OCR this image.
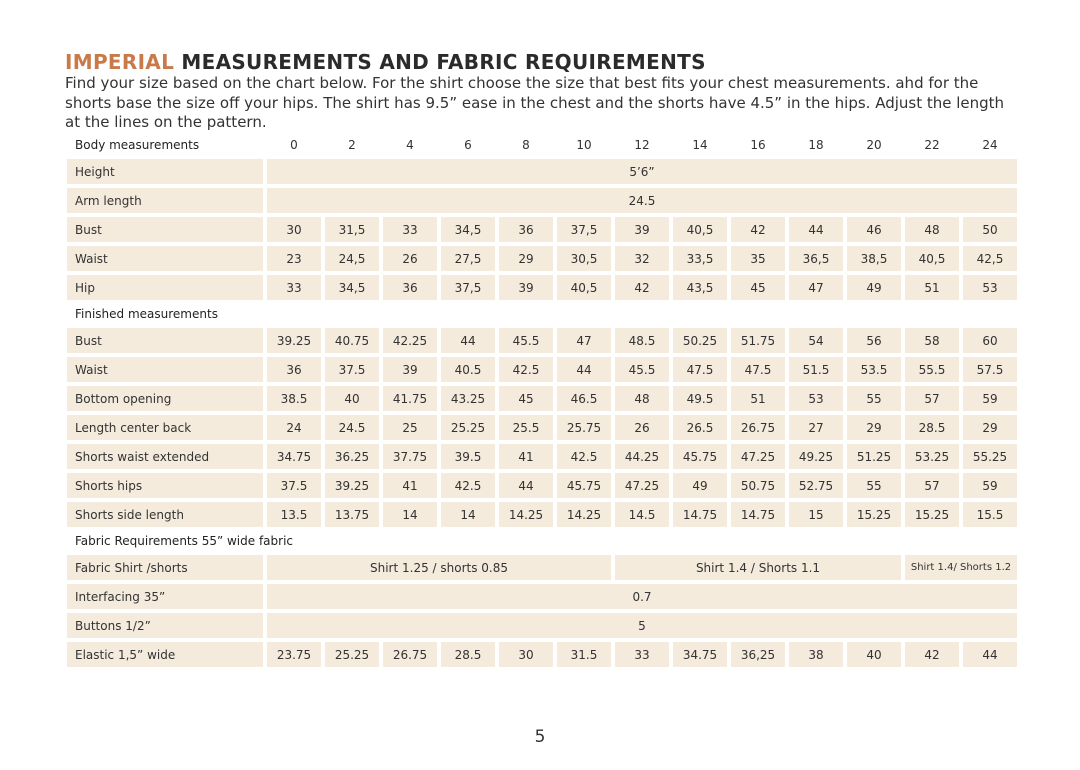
IMPERIAL MEASUREMENTS AND FABRIC REQUIREMENTS

Find your size based on the chart below. For the shirt choose the size that best fits your chest measurements. ahd for the shorts base the size off your hips. The shirt has 9.5” ease in the chest and the shorts have 4.5” in the hips. Adjust the length at the lines on the pattern.

Body measurements	0	2	4	6	8	10	12	14	16	18	20	22	24
Height	5’6”												
Arm length	24.5												
Bust	30	31,5	33	34,5	36	37,5	39	40,5	42	44	46	48	50
Waist	23	24,5	26	27,5	29	30,5	32	33,5	35	36,5	38,5	40,5	42,5
Hip	33	34,5	36	37,5	39	40,5	42	43,5	45	47	49	51	53
Finished measurements													
Bust	39.25	40.75	42.25	44	45.5	47	48.5	50.25	51.75	54	56	58	60
Waist	36	37.5	39	40.5	42.5	44	45.5	47.5	47.5	51.5	53.5	55.5	57.5
Bottom opening	38.5	40	41.75	43.25	45	46.5	48	49.5	51	53	55	57	59
Length center back	24	24.5	25	25.25	25.5	25.75	26	26.5	26.75	27	29	28.5	29
Shorts waist extended	34.75	36.25	37.75	39.5	41	42.5	44.25	45.75	47.25	49.25	51.25	53.25	55.25
Shorts hips	37.5	39.25	41	42.5	44	45.75	47.25	49	50.75	52.75	55	57	59
Shorts side length	13.5	13.75	14	14	14.25	14.25	14.5	14.75	14.75	15	15.25	15.25	15.5
Fabric Requirements 55” wide fabric													
Fabric Shirt /shorts	Shirt 1.25 / shorts 0.85						Shirt 1.4 / Shorts 1.1					Shirt 1.4/ Shorts 1.2	
Interfacing 35”	0.7												
Buttons 1/2”	5												
Elastic 1,5” wide	23.75	25.25	26.75	28.5	30	31.5	33	34.75	36,25	38	40	42	44
5
